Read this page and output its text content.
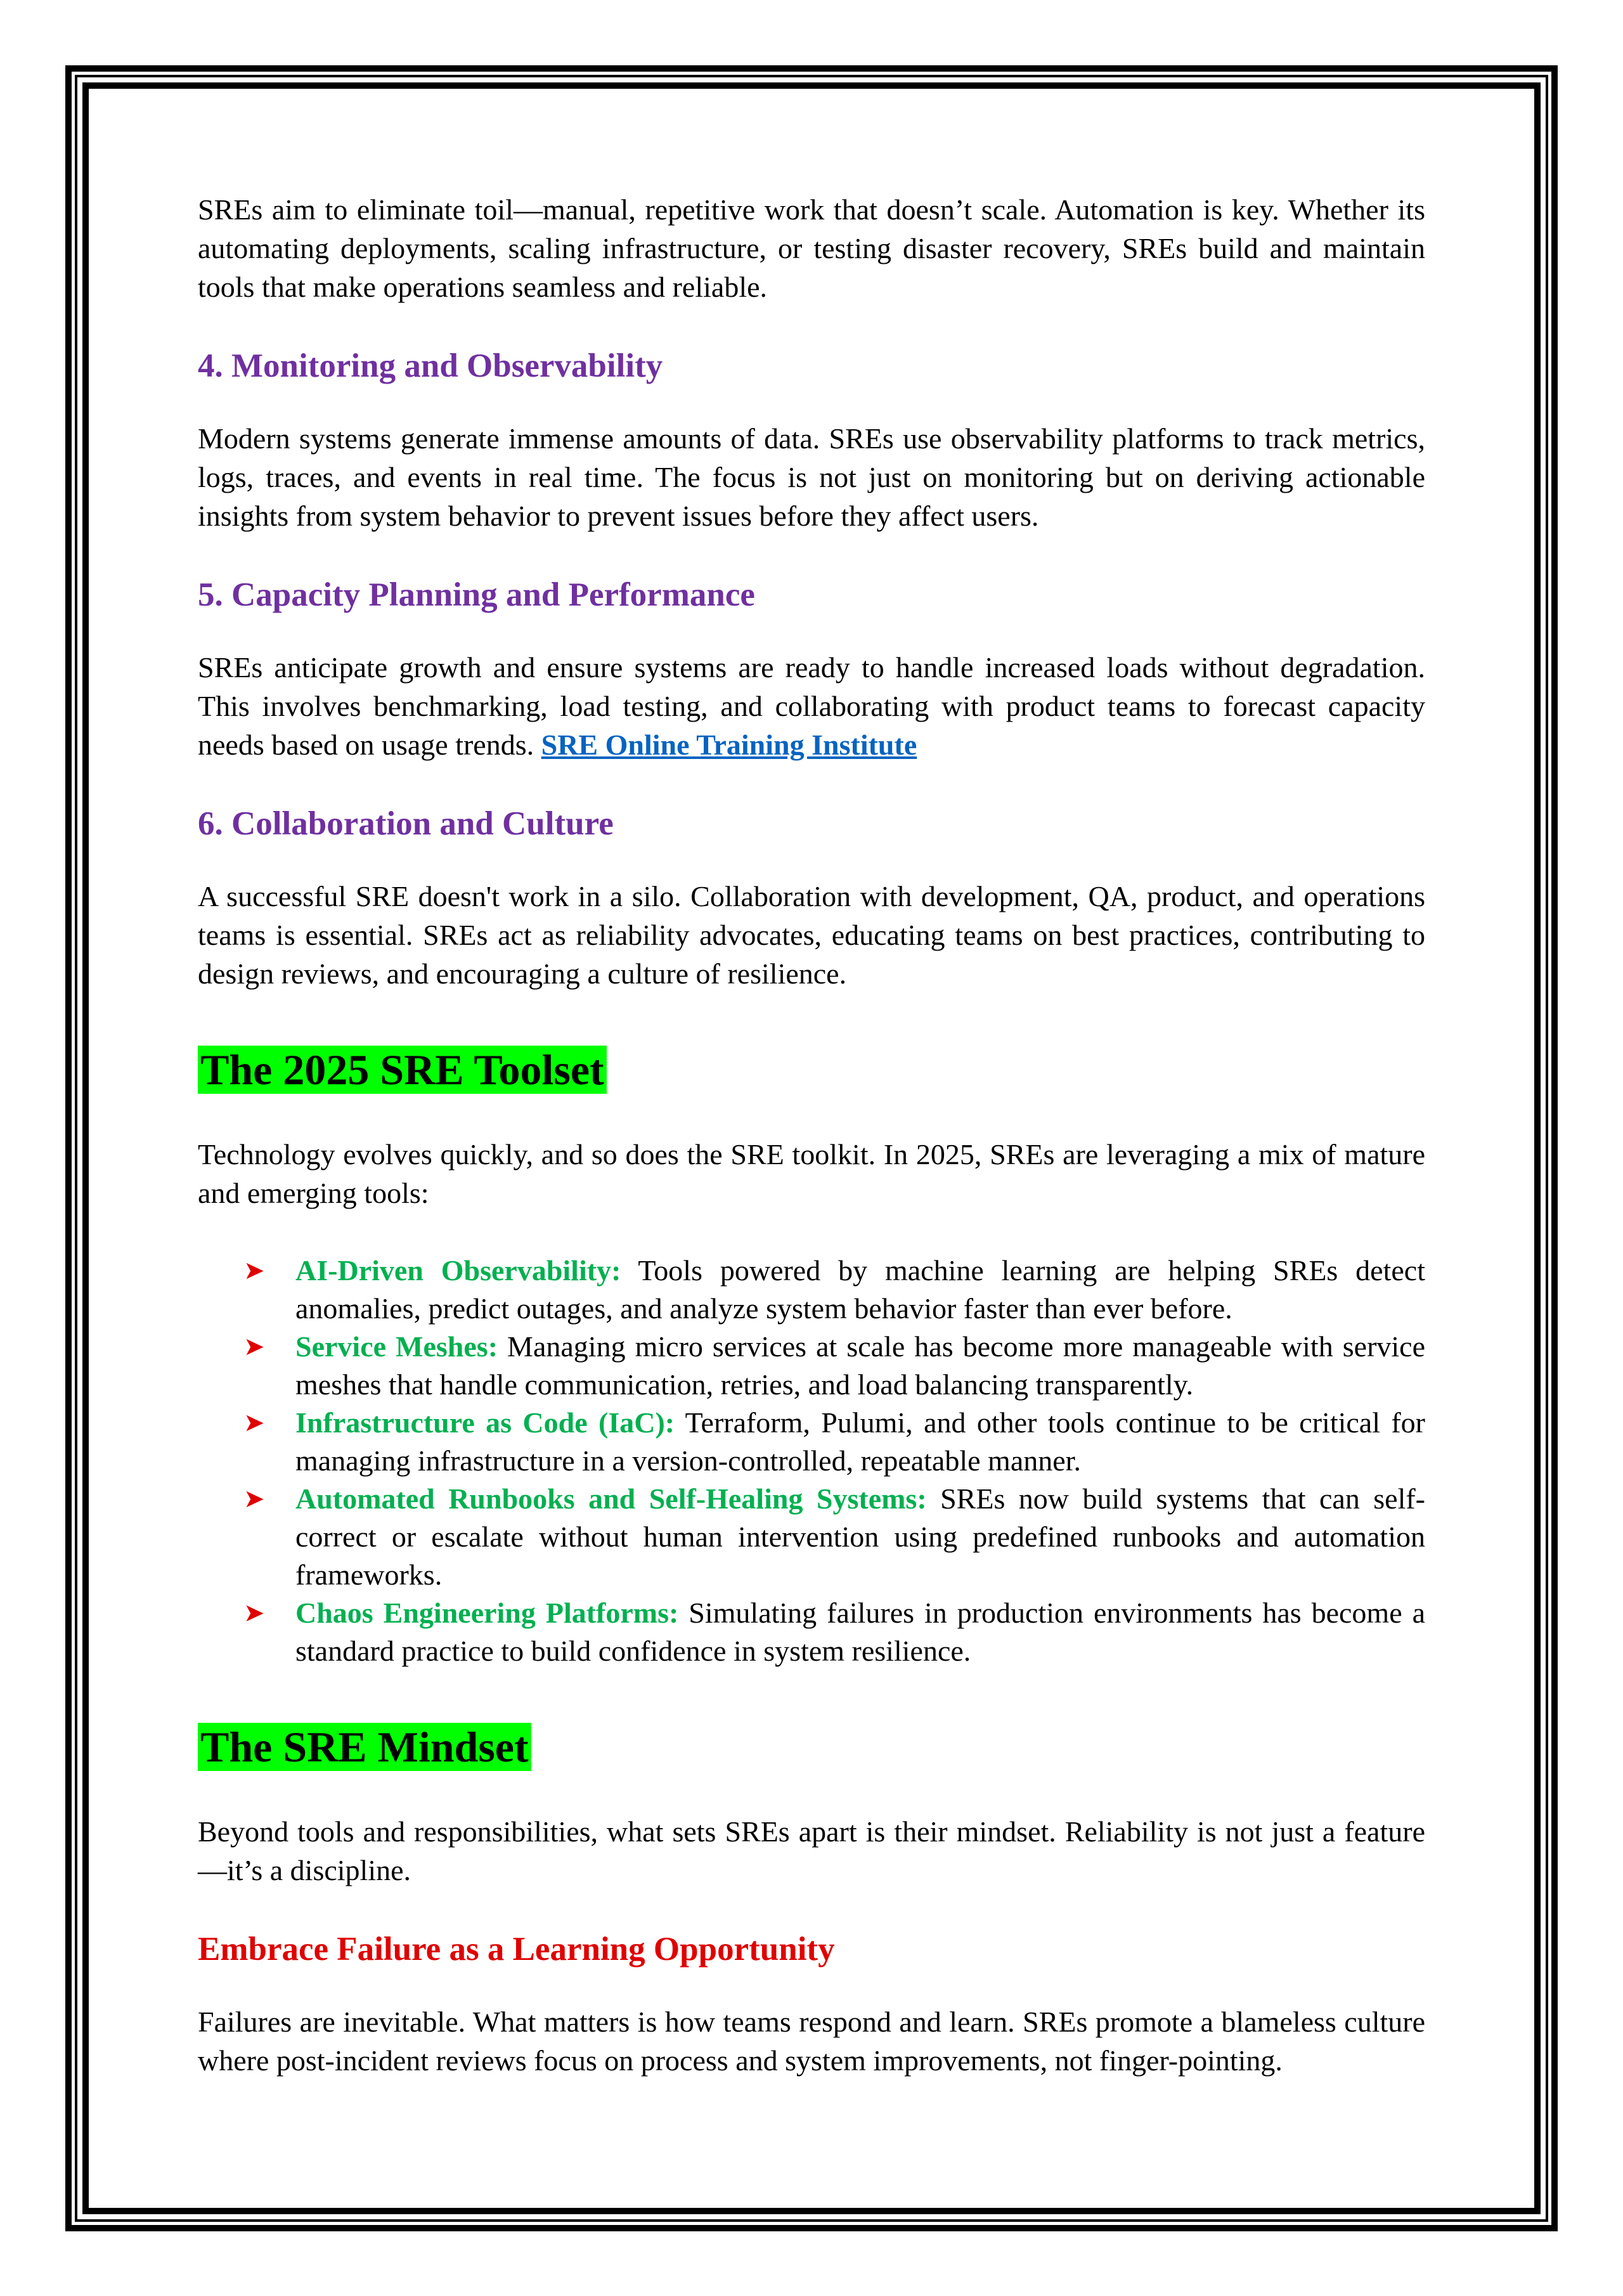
SREs aim to eliminate toil—manual, repetitive work that doesn’t scale. Automation is key. Whether its automating deployments, scaling infrastructure, or testing disaster recovery, SREs build and maintain tools that make operations seamless and reliable.

4. Monitoring and Observability

Modern systems generate immense amounts of data. SREs use observability platforms to track metrics, logs, traces, and events in real time. The focus is not just on monitoring but on deriving actionable insights from system behavior to prevent issues before they affect users.

5. Capacity Planning and Performance

SREs anticipate growth and ensure systems are ready to handle increased loads without degradation. This involves benchmarking, load testing, and collaborating with product teams to forecast capacity needs based on usage trends. SRE Online Training Institute

6. Collaboration and Culture

A successful SRE doesn't work in a silo. Collaboration with development, QA, product, and operations teams is essential. SREs act as reliability advocates, educating teams on best practices, contributing to design reviews, and encouraging a culture of resilience.

The 2025 SRE Toolset

Technology evolves quickly, and so does the SRE toolkit. In 2025, SREs are leveraging a mix of mature and emerging tools:

➤ AI-Driven Observability: Tools powered by machine learning are helping SREs detect anomalies, predict outages, and analyze system behavior faster than ever before.
➤ Service Meshes: Managing micro services at scale has become more manageable with service meshes that handle communication, retries, and load balancing transparently.
➤ Infrastructure as Code (IaC): Terraform, Pulumi, and other tools continue to be critical for managing infrastructure in a version-controlled, repeatable manner.
➤ Automated Runbooks and Self-Healing Systems: SREs now build systems that can self-correct or escalate without human intervention using predefined runbooks and automation frameworks.
➤ Chaos Engineering Platforms: Simulating failures in production environments has become a standard practice to build confidence in system resilience.
The SRE Mindset

Beyond tools and responsibilities, what sets SREs apart is their mindset. Reliability is not just a feature—it’s a discipline.

Embrace Failure as a Learning Opportunity

Failures are inevitable. What matters is how teams respond and learn. SREs promote a blameless culture where post-incident reviews focus on process and system improvements, not finger-pointing.
